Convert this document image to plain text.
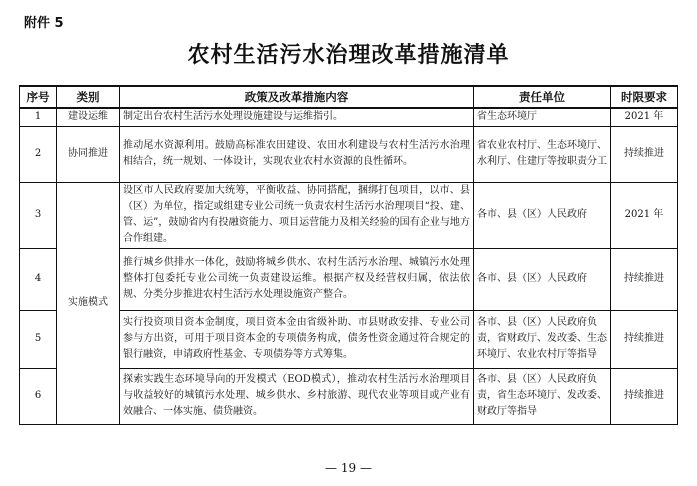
附件 5
农村生活污水治理改革措施清单
序号	类别	政策及改革措施内容	责任单位	时限要求
1	建设运维	制定出台农村生活污水处理设施建设与运维指引。	省生态环境厅	2021 年
2	协同推进	推动尾水资源利用。鼓励高标准农田建设、农田水利建设与农村生活污水治理相结合，统一规划、一体设计，实现农业农村水资源的良性循环。	省农业农村厅、生态环境厅、水利厅、住建厅等按职责分工	持续推进
3	实施模式	设区市人民政府要加大统筹，平衡收益、协同搭配，捆绑打包项目，以市、县（区）为单位，指定或组建专业公司统一负责农村生活污水治理项目“投、建、管、运”，鼓励省内有投融资能力、项目运营能力及相关经验的国有企业与地方合作组建。	各市、县（区）人民政府	2021 年
4		推行城乡供排水一体化，鼓励将城乡供水、农村生活污水治理、城镇污水处理整体打包委托专业公司统一负责建设运维。根据产权及经营权归属，依法依规、分类分步推进农村生活污水处理设施资产整合。	各市、县（区）人民政府	持续推进
5		实行投资项目资本金制度，项目资本金由省级补助、市县财政安排、专业公司参与方出资，可用于项目资本金的专项债务构成，债务性资金通过符合规定的银行融资，申请政府性基金、专项债券等方式筹集。	各市、县（区）人民政府负责，省财政厅、发改委、生态环境厅、农业农村厅等指导	持续推进
6		探索实践生态环境导向的开发模式（EOD模式），推动农村生活污水治理项目与收益较好的城镇污水处理、城乡供水、乡村旅游、现代农业等项目或产业有效融合、一体实施、债贷融资。	各市、县（区）人民政府负责，省生态环境厅、发改委、财政厅等指导	持续推进
— 19 —
